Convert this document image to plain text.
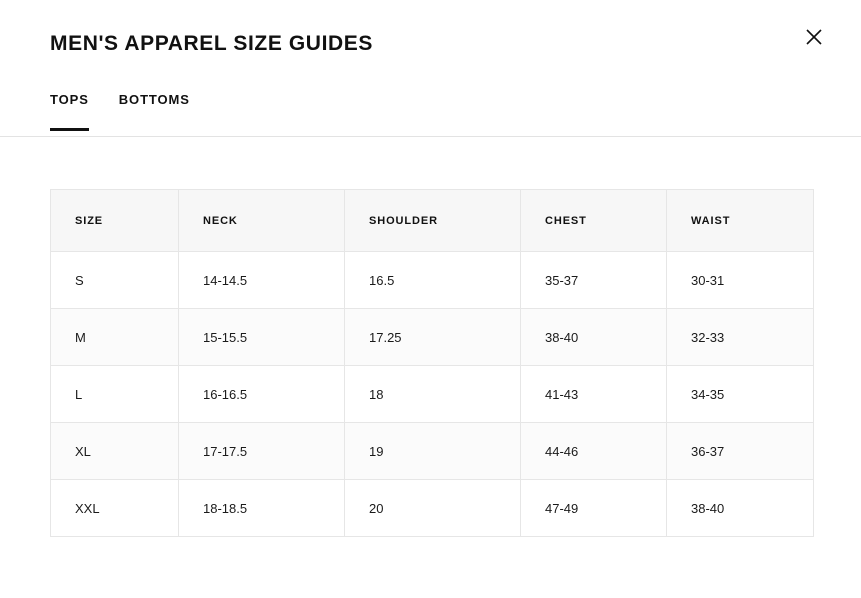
MEN'S APPAREL SIZE GUIDES
TOPS BOTTOMS
SIZE	NECK	SHOULDER	CHEST	WAIST
S	14-14.5	16.5	35-37	30-31
M	15-15.5	17.25	38-40	32-33
L	16-16.5	18	41-43	34-35
XL	17-17.5	19	44-46	36-37
XXL	18-18.5	20	47-49	38-40
